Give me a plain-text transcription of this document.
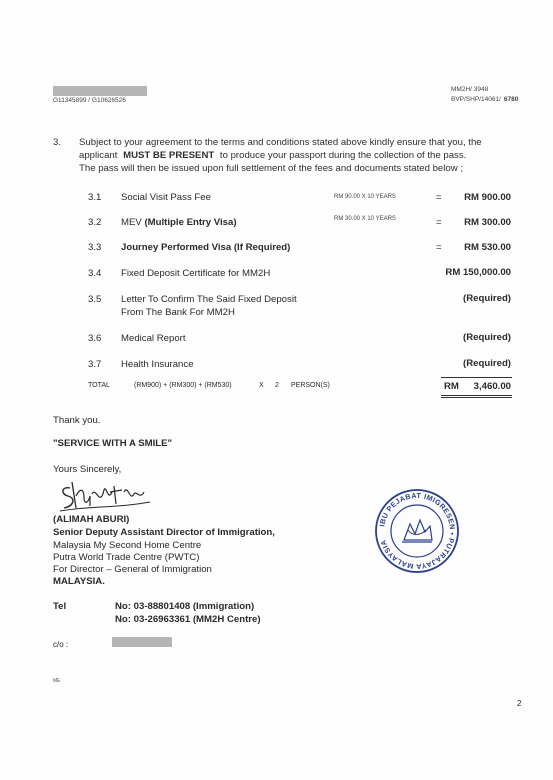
G11345899 / G10626526
MM2H/ 3948
BVP/SHP/14061/ 6780
3. Subject to your agreement to the terms and conditions stated above kindly ensure that you, the
applicant MUST BE PRESENT to produce your passport during the collection of the pass.
The pass will then be issued upon full settlement of the fees and documents stated below ;
3.1 Social Visit Pass Fee	RM 90.00 X 10 YEARS	= RM 900.00
3.2 MEV (Multiple Entry Visa)	RM 30.00 X 10 YEARS	= RM 300.00
3.3 Journey Performed Visa (If Required)	= RM 530.00
3.4 Fixed Deposit Certificate for MM2H	RM 150,000.00
3.5 Letter To Confirm The Said Fixed Deposit
From The Bank For MM2H
(Required)
3.6 Medical Report	(Required)
3.7 Health Insurance	(Required)
TOTAL	(RM900) + (RM300) + (RM530)	X 2 PERSON(S)	RM 3,460.00
Thank you.
"SERVICE WITH A SMILE"
Yours Sincerely,
(ALIMAH ABURI)
Senior Deputy Assistant Director of Immigration,
Malaysia My Second Home Centre
Putra World Trade Centre (PWTC)
For Director – General of Immigration
MALAYSIA.
IBU PEJABAT IMIGRESEN • PUTRAJAYA MALAYSIA
Tel	No: 03-88801408 (Immigration)
No: 03-26963361 (MM2H Centre)
c/o :
ME
2
